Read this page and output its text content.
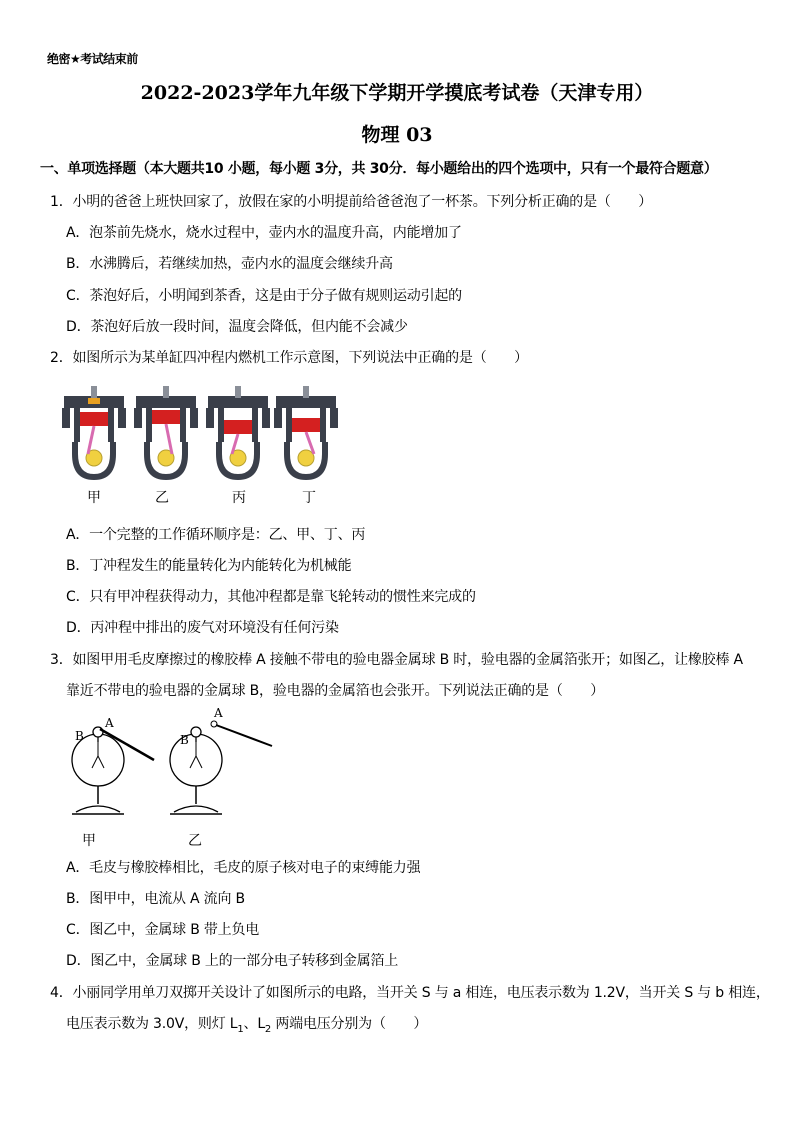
绝密★考试结束前
2022-2023学年九年级下学期开学摸底考试卷（天津专用）
物理 03
一、单项选择题（本大题共10 小题，每小题 3分，共 30分．每小题给出的四个选项中，只有一个最符合题意）
1．小明的爸爸上班快回家了，放假在家的小明提前给爸爸泡了一杯茶。下列分析正确的是（　　）
A．泡茶前先烧水，烧水过程中，壶内水的温度升高，内能增加了
B．水沸腾后，若继续加热，壶内水的温度会继续升高
C．茶泡好后，小明闻到茶香，这是由于分子做有规则运动引起的
D．茶泡好后放一段时间，温度会降低，但内能不会减少
2．如图所示为某单缸四冲程内燃机工作示意图，下列说法中正确的是（　　）
甲	乙	丙	丁
A．一个完整的工作循环顺序是：乙、甲、丁、丙
B．丁冲程发生的能量转化为内能转化为机械能
C．只有甲冲程获得动力，其他冲程都是靠飞轮转动的惯性来完成的
D．丙冲程中排出的废气对环境没有任何污染
3．如图甲用毛皮摩擦过的橡胶棒 A 接触不带电的验电器金属球 B 时，验电器的金属箔张开；如图乙，让橡胶棒 A
靠近不带电的验电器的金属球 B，验电器的金属箔也会张开。下列说法正确的是（　　）
B
A
B
A
甲	乙
A．毛皮与橡胶棒相比，毛皮的原子核对电子的束缚能力强
B．图甲中，电流从 A 流向 B
C．图乙中，金属球 B 带上负电
D．图乙中，金属球 B 上的一部分电子转移到金属箔上
4．小丽同学用单刀双掷开关设计了如图所示的电路，当开关 S 与 a 相连，电压表示数为 1.2V，当开关 S 与 b 相连，
电压表示数为 3.0V，则灯 $L_1$、$L_2$ 两端电压分别为（　　）
